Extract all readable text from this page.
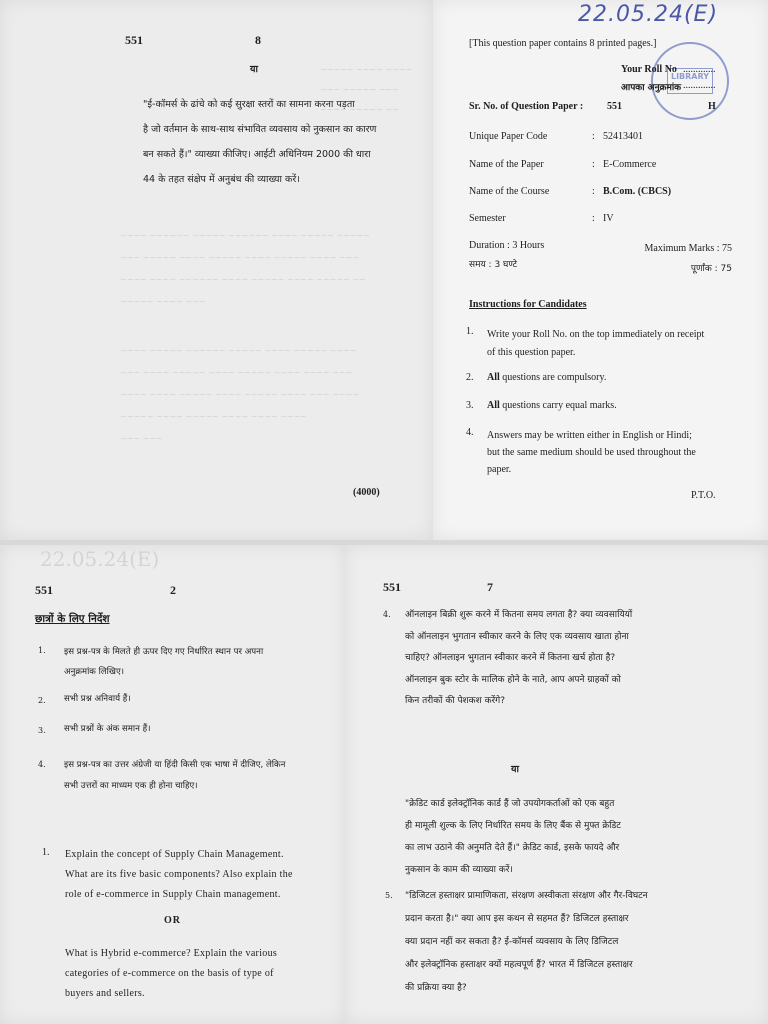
551	8
या
"ई-कॉमर्स के ढांचे को कई सुरक्षा स्तरों का सामना करना पड़ता
है जो वर्तमान के साथ-साथ संभावित व्यवसाय को नुकसान का कारण
बन सकते हैं।" व्याख्या कीजिए। आईटी अधिनियम 2000 की धारा
44 के तहत संक्षेप में अनुबंध की व्याख्या करें।
~~~~~ ~~~~ ~~~~
~~~ ~~~~~ ~~~
~~~~ ~~~~~ ~~
~~~~ ~~~~~~ ~~~~~ ~~~~~~ ~~~~ ~~~~~ ~~~~~
~~~ ~~~~~ ~~~~ ~~~~~ ~~~~ ~~~~~ ~~~~ ~~~
~~~~ ~~~~ ~~~~~~ ~~~~ ~~~~~ ~~~~ ~~~~~ ~~
~~~~~ ~~~~ ~~~
~~~~ ~~~~~ ~~~~~~ ~~~~~ ~~~~ ~~~~~ ~~~~
~~~ ~~~~ ~~~~~ ~~~~ ~~~~~ ~~~~ ~~~~ ~~~
~~~~ ~~~~ ~~~~~ ~~~~ ~~~~~ ~~~~ ~~~ ~~~~
~~~~~ ~~~~ ~~~~~ ~~~~ ~~~~ ~~~~
~~~ ~~~
(4000)
22.05.24(E)
[This question paper contains 8 printed pages.]
LIBRARY
Your Roll No .............
आपका अनुक्रमांक .............
Sr. No. of Question Paper : 551	H
Unique Paper Code	: 52413401
Name of the Paper	: E-Commerce
Name of the Course	: B.Com. (CBCS)
Semester	: IV
Duration : 3 Hours
समय : 3 घण्टे
Maximum Marks : 75
पूर्णांक : 75
Instructions for Candidates
1. Write your Roll No. on the top immediately on receipt
of this question paper.
2. All questions are compulsory.
3. All questions carry equal marks.
4. Answers may be written either in English or Hindi;
but the same medium should be used throughout the
paper.
P.T.O.
22.05.24(E)
551	2
छात्रों के लिए निर्देश
1. इस प्रश्न-पत्र के मिलते ही ऊपर दिए गए निर्धारित स्थान पर अपना
अनुक्रमांक लिखिए।
2. सभी प्रश्न अनिवार्य हैं।
3. सभी प्रश्नों के अंक समान हैं।
4. इस प्रश्न-पत्र का उत्तर अंग्रेजी या हिंदी किसी एक भाषा में दीजिए, लेकिन
सभी उत्तरों का माध्यम एक ही होना चाहिए।
1. Explain the concept of Supply Chain Management.
What are its five basic components? Also explain the
role of e-commerce in Supply Chain management.
OR
What is Hybrid e-commerce? Explain the various
categories of e-commerce on the basis of type of
buyers and sellers.
551	7
4. ऑनलाइन बिक्री शुरू करने में कितना समय लगता है? क्या व्यवसायियों
को ऑनलाइन भुगतान स्वीकार करने के लिए एक व्यवसाय खाता होना
चाहिए? ऑनलाइन भुगतान स्वीकार करने में कितना खर्च होता है?
ऑनलाइन बुक स्टोर के मालिक होने के नाते, आप अपने ग्राहकों को
किन तरीकों की पेशकश करेंगे?
या
"क्रेडिट कार्ड इलेक्ट्रॉनिक कार्ड हैं जो उपयोगकर्ताओं को एक बहुत
ही मामूली शुल्क के लिए निर्धारित समय के लिए बैंक से मुफ्त क्रेडिट
का लाभ उठाने की अनुमति देते हैं।" क्रेडिट कार्ड, इसके फायदे और
नुकसान के काम की व्याख्या करें।
5. "डिजिटल हस्ताक्षर प्रामाणिकता, संरक्षण अस्वीकता संरक्षण और गैर-विघटन
प्रदान करता है।" क्या आप इस कथन से सहमत हैं? डिजिटल हस्ताक्षर
क्या प्रदान नहीं कर सकता है? ई-कॉमर्स व्यवसाय के लिए डिजिटल
और इलेक्ट्रॉनिक हस्ताक्षर क्यों महत्वपूर्ण हैं? भारत में डिजिटल हस्ताक्षर
की प्रक्रिया क्या है?
